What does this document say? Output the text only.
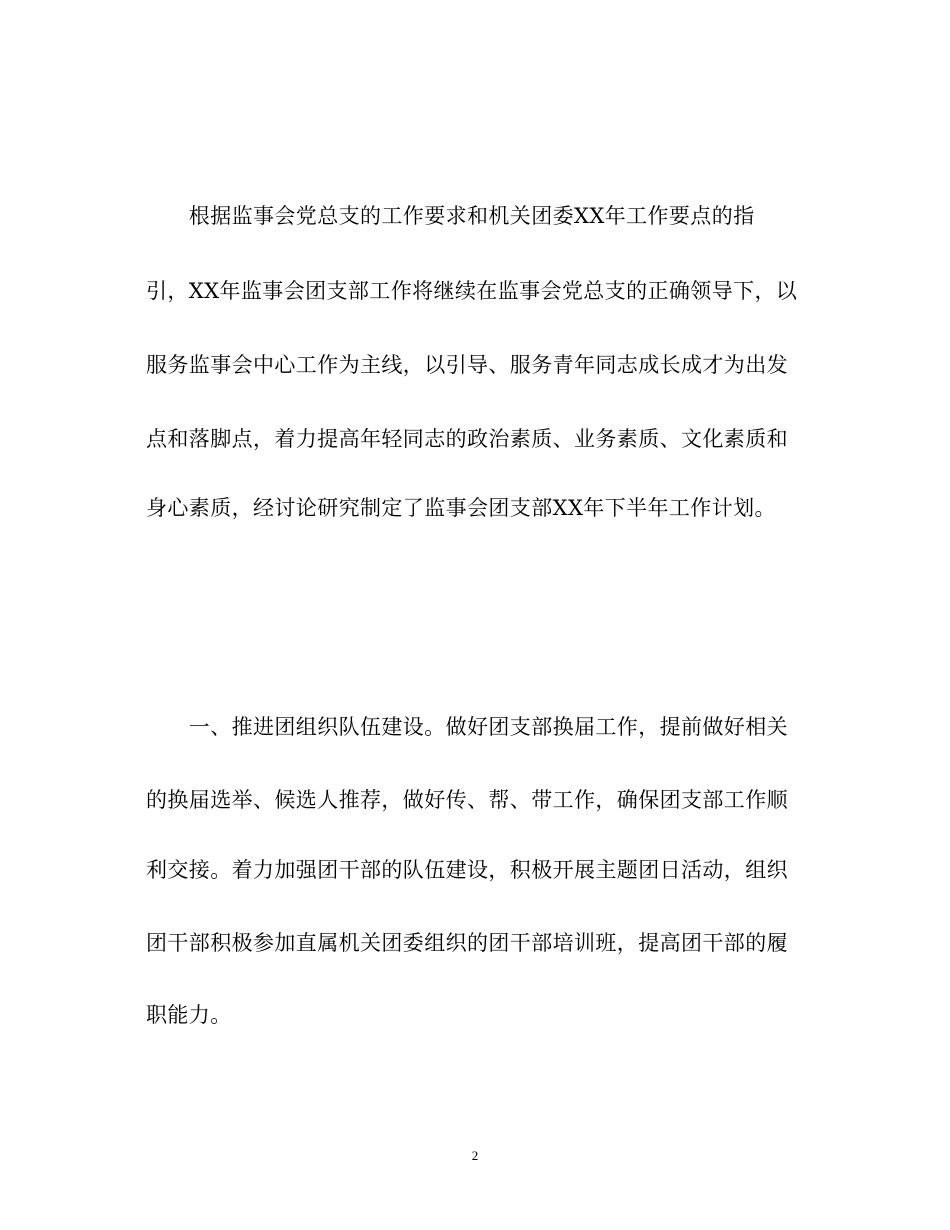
　　根据监事会党总支的工作要求和机关团委XX年工作要点的指
引，XX年监事会团支部工作将继续在监事会党总支的正确领导下，以
服务监事会中心工作为主线，以引导、服务青年同志成长成才为出发
点和落脚点，着力提高年轻同志的政治素质、业务素质、文化素质和
身心素质，经讨论研究制定了监事会团支部XX年下半年工作计划。
　　一、推进团组织队伍建设。做好团支部换届工作，提前做好相关
的换届选举、候选人推荐，做好传、帮、带工作，确保团支部工作顺
利交接。着力加强团干部的队伍建设，积极开展主题团日活动，组织
团干部积极参加直属机关团委组织的团干部培训班，提高团干部的履
职能力。
2
